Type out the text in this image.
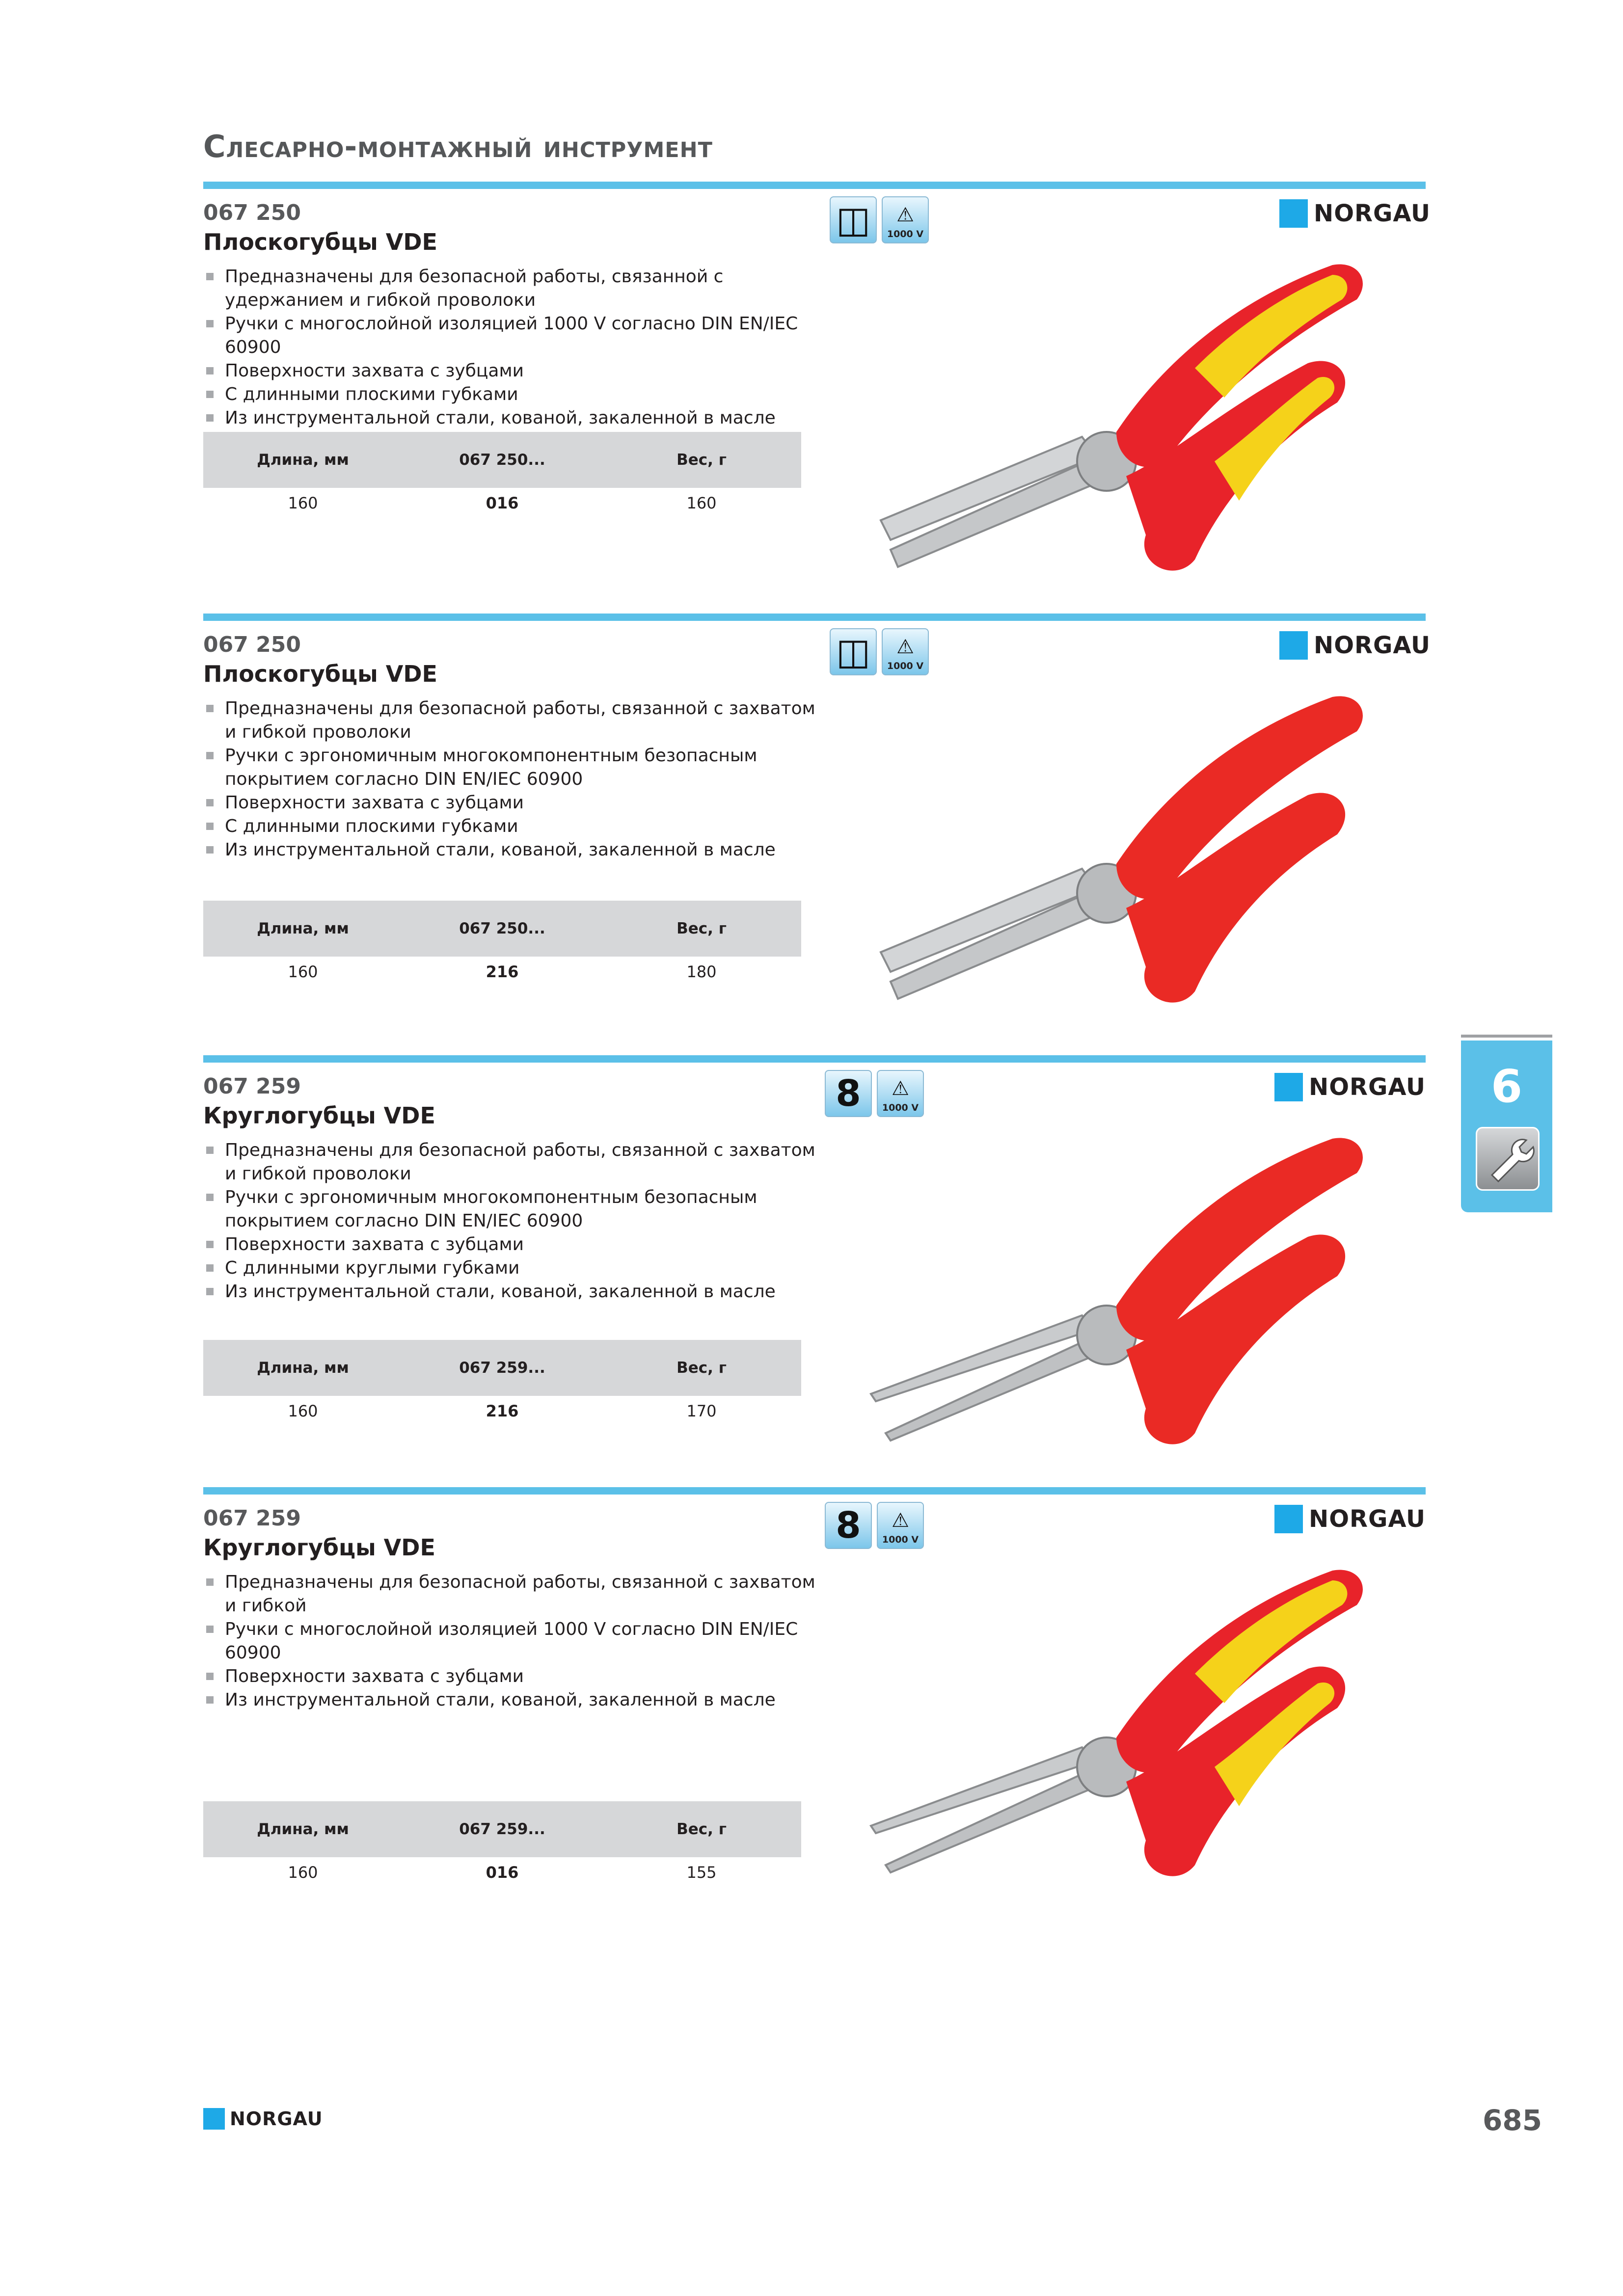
Слесарно-монтажный инструмент

067 250

Плоскогубцы VDE

Предназначены для безопасной работы, связанной с удержанием и гибкой проволоки
Ручки с многослойной изоляцией 1000 V согласно DIN EN/IEC 60900
Поверхности захвата с зубцами
С длинными плоскими губками
Из инструментальной стали, кованой, закаленной в масле
Длина, мм	067 250...	Вес, г
160	016	160
◫	⚠
1000 V
NORGAU

067 250

Плоскогубцы VDE

Предназначены для безопасной работы, связанной с захватом и гибкой проволоки
Ручки с эргономичным многокомпонентным безопасным покрытием согласно DIN EN/IEC 60900
Поверхности захвата с зубцами
С длинными плоскими губками
Из инструментальной стали, кованой, закаленной в масле
Длина, мм	067 250...	Вес, г
160	216	180
◫	⚠
1000 V
NORGAU

067 259

Круглогубцы VDE

Предназначены для безопасной работы, связанной с захватом и гибкой проволоки
Ручки с эргономичным многокомпонентным безопасным покрытием согласно DIN EN/IEC 60900
Поверхности захвата с зубцами
С длинными круглыми губками
Из инструментальной стали, кованой, закаленной в масле
Длина, мм	067 259...	Вес, г
160	216	170
8	⚠
1000 V
NORGAU

067 259

Круглогубцы VDE

Предназначены для безопасной работы, связанной с захватом и гибкой
Ручки с многослойной изоляцией 1000 V согласно DIN EN/IEC 60900
Поверхности захвата с зубцами
Из инструментальной стали, кованой, закаленной в масле
Длина, мм	067 259...	Вес, г
160	016	155
8	⚠
1000 V
NORGAU
6
NORGAU	685
